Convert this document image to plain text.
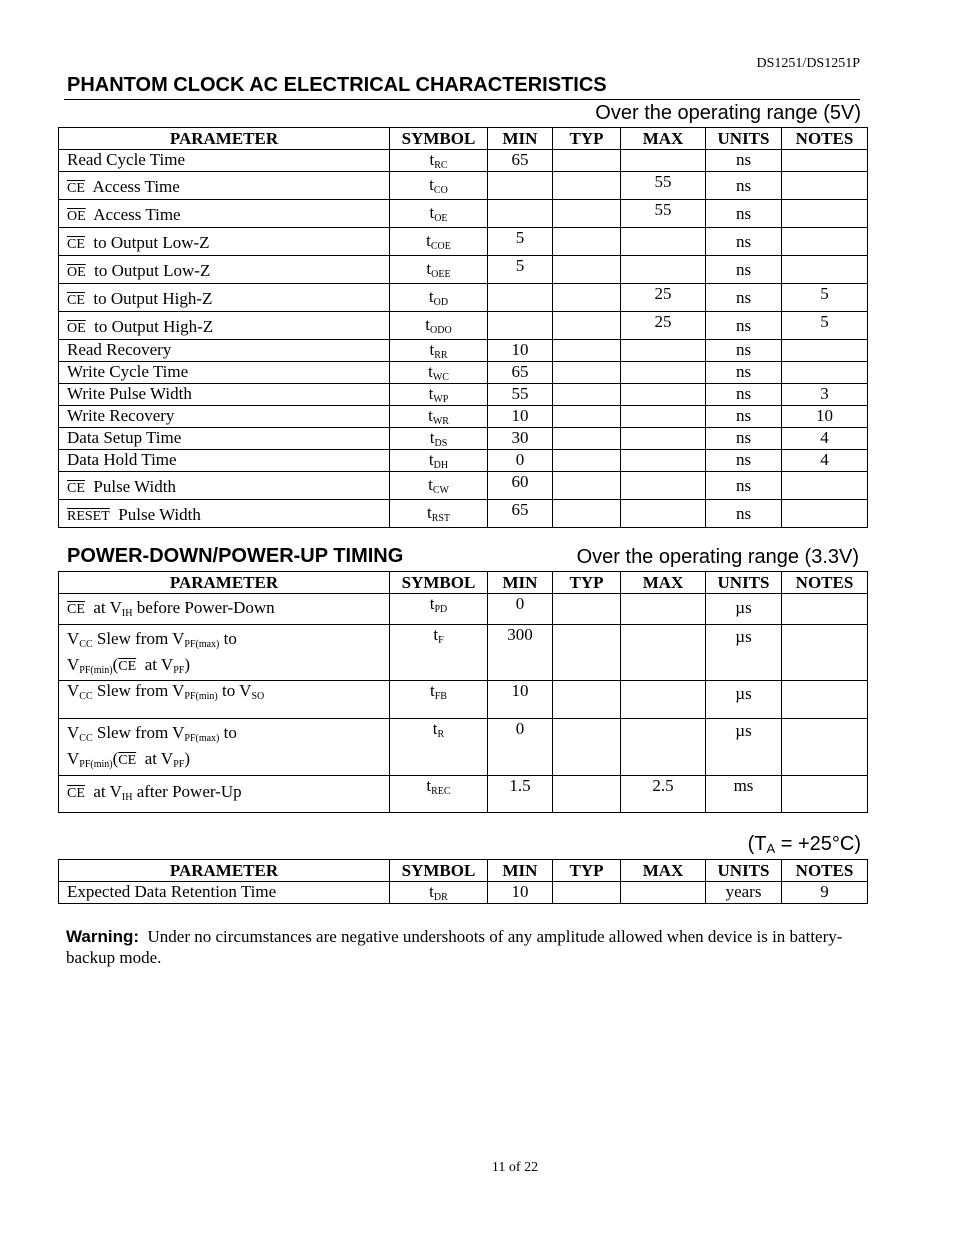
DS1251/DS1251P
PHANTOM CLOCK AC ELECTRICAL CHARACTERISTICS
Over the operating range (5V)
PARAMETER	SYMBOL	MIN	TYP	MAX	UNITS	NOTES
Read Cycle Time	$t_{RC}$	65			ns	
$\overline{CE}$ Access Time	$t_{CO}$			55	ns	
$\overline{OE}$ Access Time	$t_{OE}$			55	ns	
$\overline{CE}$ to Output Low-Z	$t_{COE}$	5			ns	
$\overline{OE}$ to Output Low-Z	$t_{OEE}$	5			ns	
$\overline{CE}$ to Output High-Z	$t_{OD}$			25	ns	5
$\overline{OE}$ to Output High-Z	$t_{ODO}$			25	ns	5
Read Recovery	$t_{RR}$	10			ns	
Write Cycle Time	$t_{WC}$	65			ns	
Write Pulse Width	$t_{WP}$	55			ns	3
Write Recovery	$t_{WR}$	10			ns	10
Data Setup Time	$t_{DS}$	30			ns	4
Data Hold Time	$t_{DH}$	0			ns	4
$\overline{CE}$ Pulse Width	$t_{CW}$	60			ns	
RESET Pulse Width	$t_{RST}$	65			ns	
POWER-DOWN/POWER-UP TIMING	Over the operating range (3.3V)
PARAMETER	SYMBOL	MIN	TYP	MAX	UNITS	NOTES
$\overline{CE}$ at $V_{IH}$ before Power-Down	$t_{PD}$	0			µs	
$V_{CC}$ Slew from $V_{PF(max)}$ to
$V_{PF(min)}(\overline{CE}$ at $V_{PF}$)	$t_F$	300			µs	
$V_{CC}$ Slew from $V_{PF(min)}$ to $V_{SO}$	$t_{FB}$	10			µs	
$V_{CC}$ Slew from $V_{PF(max)}$ to
$V_{PF(min)}(\overline{CE}$ at $V_{PF}$)	$t_R$	0			µs	
$\overline{CE}$ at $V_{IH}$ after Power-Up	$t_{REC}$	1.5		2.5	ms	
$(T_A = +25^\circ C)$
PARAMETER	SYMBOL	MIN	TYP	MAX	UNITS	NOTES
Expected Data Retention Time	$t_{DR}$	10			years	9
Warning: Under no circumstances are negative undershoots of any amplitude allowed when device is in battery-backup mode.
11 of 22
